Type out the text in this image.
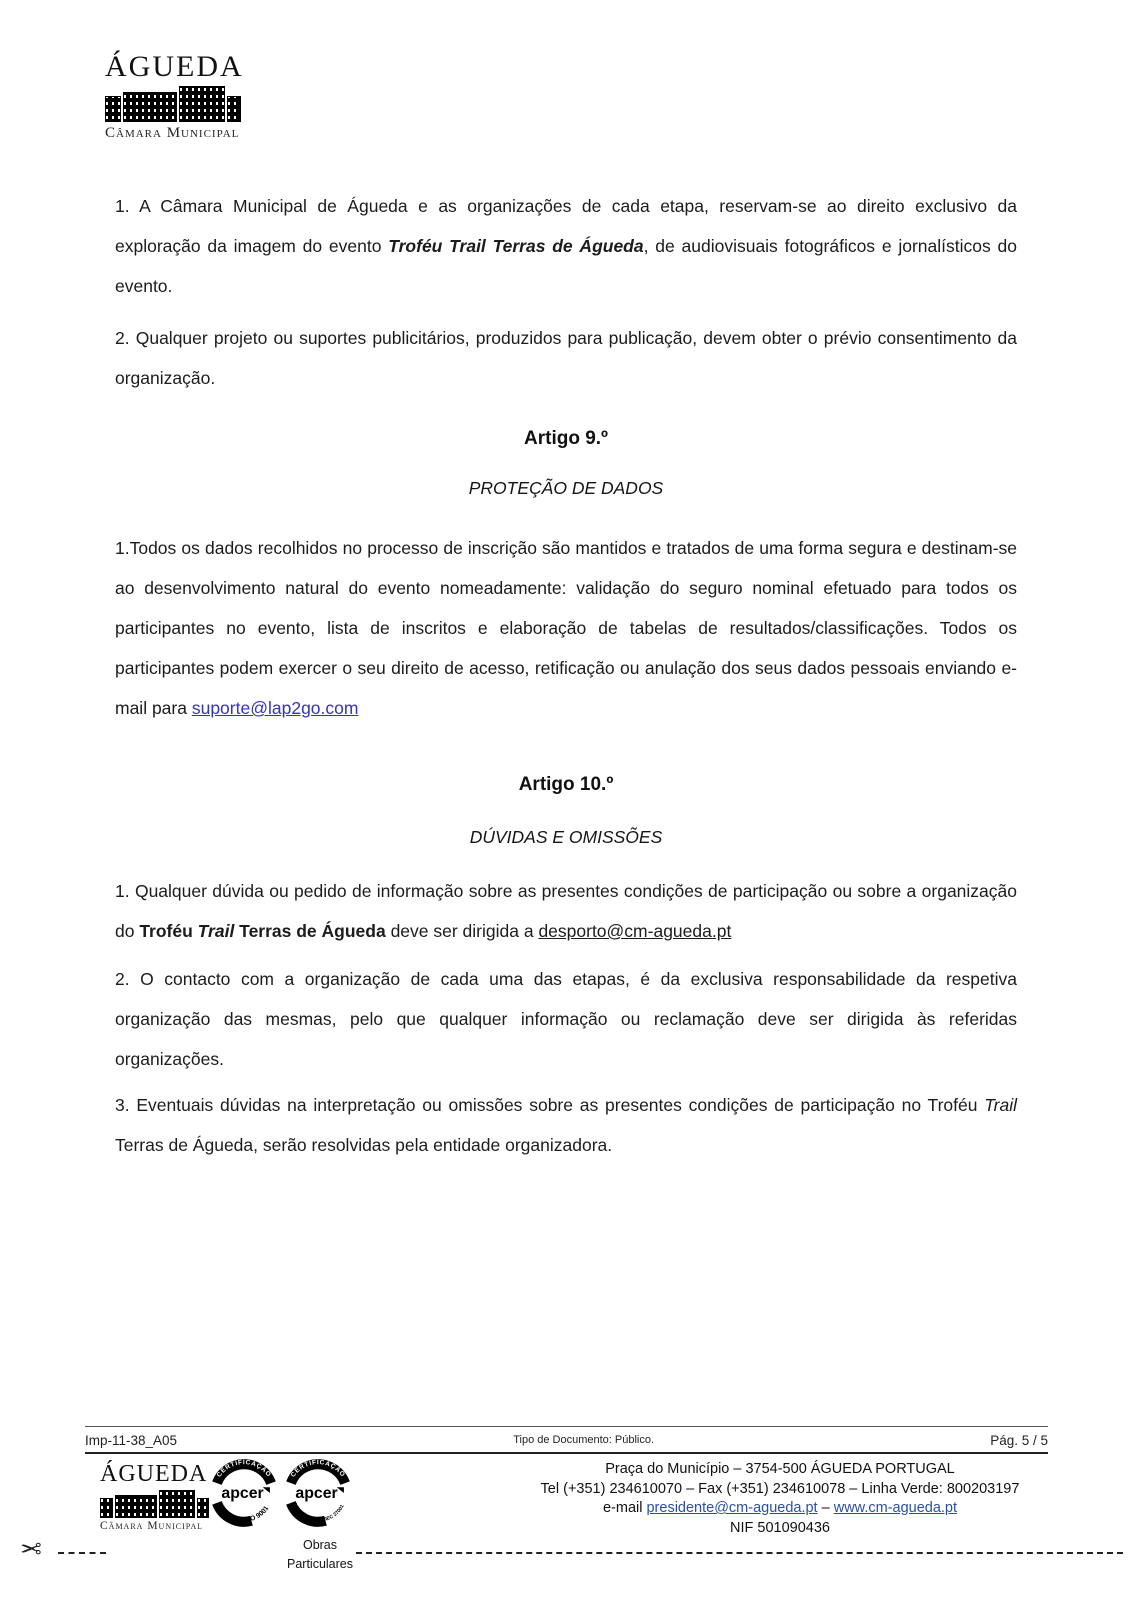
ÁGUEDA
Câmara Municipal

1. A Câmara Municipal de Águeda e as organizações de cada etapa, reservam-se ao direito exclusivo da exploração da imagem do evento Troféu Trail Terras de Águeda, de audiovisuais fotográficos e jornalísticos do evento.

2. Qualquer projeto ou suportes publicitários, produzidos para publicação, devem obter o prévio consentimento da organização.

Artigo 9.º
PROTEÇÃO DE DADOS

1.Todos os dados recolhidos no processo de inscrição são mantidos e tratados de uma forma segura e destinam-se ao desenvolvimento natural do evento nomeadamente: validação do seguro nominal efetuado para todos os participantes no evento, lista de inscritos e elaboração de tabelas de resultados/classificações. Todos os participantes podem exercer o seu direito de acesso, retificação ou anulação dos seus dados pessoais enviando e-mail para suporte@lap2go.com

Artigo 10.º
DÚVIDAS E OMISSÕES

1. Qualquer dúvida ou pedido de informação sobre as presentes condições de participação ou sobre a organização do Troféu Trail Terras de Águeda deve ser dirigida a desporto@cm-agueda.pt

2. O contacto com a organização de cada uma das etapas, é da exclusiva responsabilidade da respetiva organização das mesmas, pelo que qualquer informação ou reclamação deve ser dirigida às referidas organizações.

3. Eventuais dúvidas na interpretação ou omissões sobre as presentes condições de participação no Troféu Trail Terras de Águeda, serão resolvidas pela entidade organizadora.

Imp-11-38_A05	Tipo de Documento: Público.	Pág. 5 / 5
ÁGUEDA
Câmara Municipal
CERTIFICAÇÃO
ISO 9001
apcer
CERTIFICAÇÃO
ISO/IEC 27001
apcer
Obras Particulares
Praça do Município – 3754-500 ÁGUEDA PORTUGAL
Tel (+351) 234610070 – Fax (+351) 234610078 – Linha Verde: 800203197
e-mail presidente@cm-agueda.pt – www.cm-agueda.pt
NIF 501090436
✂
